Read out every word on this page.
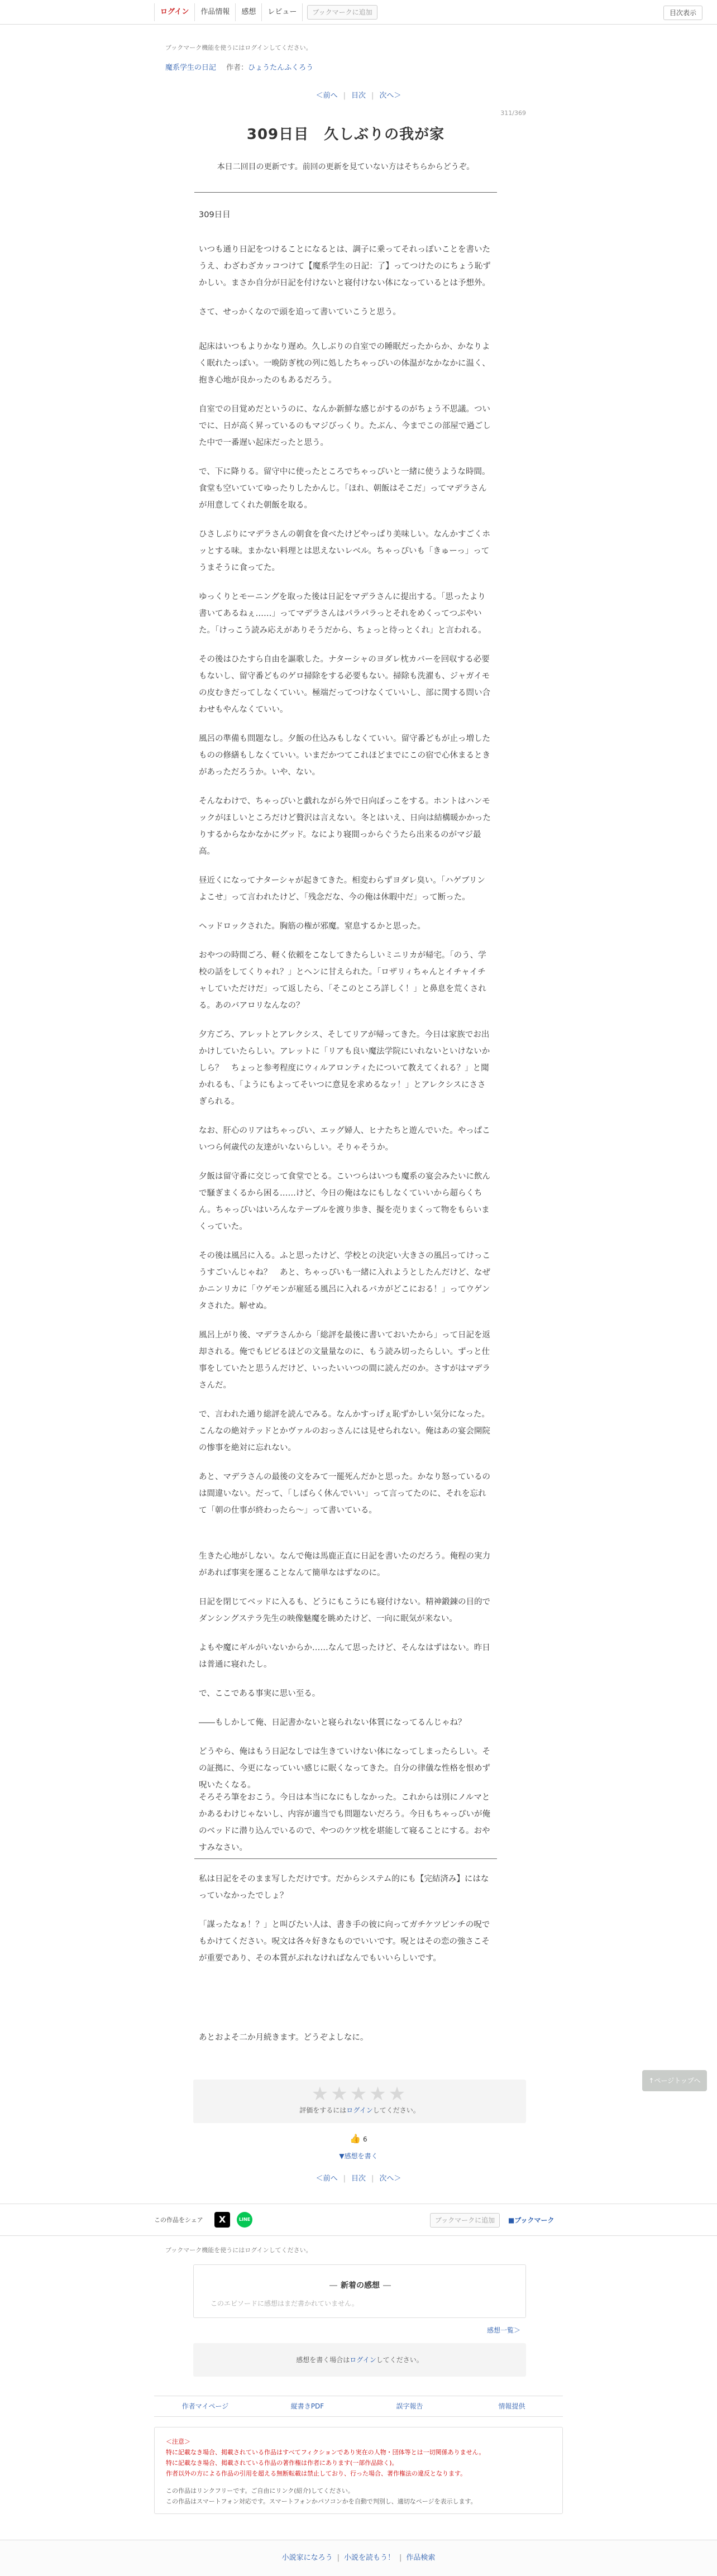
ログイン	作品情報	感想	レビュー	ブックマークに追加	目次表示
ブックマーク機能を使うにはログインしてください。
魔系学生の日記 作者：ひょうたんふくろう
＜前へ | 目次 | 次へ＞
311/369
309日目　久しぶりの我が家
本日二回目の更新です。前回の更新を見ていない方はそちらからどうぞ。

309日目

いつも通り日記をつけることになるとは、調子に乗ってそれっぽいことを書いたうえ、わざわざカッコつけて【魔系学生の日記：了】ってつけたのにちょう恥ずかしい。まさか自分が日記を付けないと寝付けない体になっているとは予想外。

さて、せっかくなので頭を追って書いていこうと思う。

起床はいつもよりかなり遅め。久しぶりの自室での睡眠だったからか、かなりよく眠れたっぽい。一晩防ぎ枕の列に処したちゃっぴいの体温がなかなかに温く、抱き心地が良かったのもあるだろう。

自室での目覚めだというのに、なんか新鮮な感じがするのがちょう不思議。ついでに、日が高く昇っているのもマジびっくり。たぶん、今までこの部屋で過ごした中で一番遅い起床だったと思う。

で、下に降りる。留守中に使ったところでちゃっぴいと一緒に使うような時間。食堂も空いていてゆったりしたかんじ。「ほれ、朝飯はそこだ」ってマデラさんが用意してくれた朝飯を取る。

ひさしぶりにマデラさんの朝食を食べたけどやっぱり美味しい。なんかすごくホッとする味。まかない料理とは思えないレベル。ちゃっぴいも「きゅーっ」ってうまそうに食ってた。

ゆっくりとモーニングを取った後は日記をマデラさんに提出する。「思ったより書いてあるねぇ……」ってマデラさんはパラパラっとそれをめくってつぶやいた。「けっこう読み応えがありそうだから、ちょっと待っとくれ」と言われる。

その後はひたすら自由を謳歌した。ナターシャのヨダレ枕カバーを回収する必要もないし、留守番どものゲロ掃除をする必要もない。掃除も洗濯も、ジャガイモの皮むきだってしなくていい。極端だってつけなくていいし、部に関する問い合わせもやんなくていい。

風呂の準備も問題なし。夕飯の仕込みもしなくていい。留守番どもが止っ増したものの修繕もしなくていい。いまだかつてこれほどまでにこの宿で心休まるときがあっただろうか。いや、ない。

そんなわけで、ちゃっぴいと戯れながら外で日向ぼっこをする。ホントはハンモックがほしいところだけど贅沢は言えない。冬とはいえ、日向は結構暖かかったりするからなかなかにグッド。なにより寝間っからぐうたら出来るのがマジ最高。

昼近くになってナターシャが起きてきた。相変わらずヨダレ臭い。「ハゲブリンよこせ」って言われたけど、「残念だな、今の俺は休暇中だ」って断った。

ヘッドロックされた。胸筋の権が邪魔。窒息するかと思った。

おやつの時間ごろ、軽く依頼をこなしてきたらしいミニリカが帰宅。「のう、学校の話をしてくりゃれ？」とヘンに甘えられた。「ロザリィちゃんとイチャイチャしていただけだ」って返したら、「そこのところ詳しく！」と鼻息を荒くされる。あのバアロリなんなの？

夕方ごろ、アレットとアレクシス、そしてリアが帰ってきた。今日は家族でお出かけしていたらしい。アレットに「リアも良い魔法学院にいれないといけないかしら？　ちょっと参考程度にウィルアロンティたについて教えてくれる？」と聞かれるも、「ようにもよってそいつに意見を求めるなッ！」とアレクシスにささぎられる。

なお、肝心のリアはちゃっぴい、エッグ婦人、ヒナたちと遊んでいた。やっぱこいつら何歳代の友達がいないらしい。そりゃそうか。

夕飯は留守番に交じって食堂でとる。こいつらはいつも魔系の宴会みたいに飲んで騒ぎまくるから困る……けど、今日の俺はなにもしなくていいから超らくちん。ちゃっぴいはいろんなテーブルを渡り歩き、擬を売りまくって物をもらいまくっていた。

その後は風呂に入る。ふと思ったけど、学校との決定い大きさの風呂ってけっこうすごいんじゃね？　あと、ちゃっぴいも一緒に入れようとしたんだけど、なぜかニンリカに「ウゲモンが雇延る風呂に入れるバカがどこにおる！」ってウゲンタされた。解せぬ。

風呂上がり後、マデラさんから「総評を最後に書いておいたから」って日記を返却される。俺でもビビるほどの文量量なのに、もう読み切ったらしい。ずっと仕事をしていたと思うんだけど、いったいいつの間に読んだのか。さすがはマデラさんだ。

で、言われた通り総評を読んでみる。なんかすっげぇ恥ずかしい気分になった。こんなの絶対テッドとかヴァルのおっさんには見せられない。俺はあの宴会開院の惨事を絶対に忘れない。

あと、マデラさんの最後の文をみて一罷死んだかと思った。かなり怒っているのは間違いない。だって、「しばらく休んでいい」って言ってたのに、それを忘れて「朝の仕事が終わったら～」って書いている。

生きた心地がしない。なんで俺は馬鹿正直に日記を書いたのだろう。俺程の実力があれば事実を運ることなんて簡単なはずなのに。

日記を閉じてベッドに入るも、どうにもこうにも寝付けない。精神鍛錬の目的でダンシングステラ先生の映像魅魔を眺めたけど、一向に眠気が来ない。

よもや魔にギルがいないからか……なんて思ったけど、そんなはずはない。昨日は普通に寝れたし。

で、ここである事実に思い至る。

――もしかして俺、日記書かないと寝られない体質になってるんじゃね？

どうやら、俺はもう日記なしでは生きていけない体になってしまったらしい。その証拠に、今更になっていい感じに眠くなってきた。自分の律儀な性格を恨めず呪いたくなる。

そろそろ筆をおこう。今日は本当になにもしなかった。これからは別にノルマとかあるわけじゃないし、内容が適当でも問題ないだろう。今日もちゃっぴいが俺のベッドに潜り込んでいるので、やつのケツ枕を堪能して寝ることにする。おやすみなさい。

私は日記をそのまま写しただけです。だからシステム的にも【完結済み】にはなっていなかったでしょ？

「謀ったなぁ！？」と叫びたい人は、書き手の彼に向ってガチケツピンチの呪でもかけてください。呪文は各々好きなものでいいです。呪とはその恋の強さこそが重要であり、その本質がぶれなければなんでもいいらしいです。

あとおよそ二か月続きます。どうぞよしなに。

↑ページトップへ
★★★★★
評価をするにはログインしてください。
👍 6
▼感想を書く
＜前へ | 目次 | 次へ＞
この作品をシェア	X	LINE	ブックマークに追加	■ブックマーク
ブックマーク機能を使うにはログインしてください。
― 新着の感想 ―
このエピソードに感想はまだ書かれていません。
感想一覧＞
感想を書く場合はログインしてください。
作者マイページ	縦書きPDF	誤字報告	情報提供
＜注意＞
特に記載なき場合、掲載されている作品はすべてフィクションであり実在の人物・団体等とは一切関係ありません。
特に記載なき場合、掲載されている作品の著作権は作者にあります(一部作品除く)。
作者以外の方による作品の引用を超える無断転載は禁止しており、行った場合、著作権法の違反となります。
この作品はリンクフリーです。ご自由にリンク(紹介)してください。
この作品はスマートフォン対応です。スマートフォンかパソコンかを自動で判別し、適切なページを表示します。
小説家になろう | 小説を読もう！ | 作品検索
